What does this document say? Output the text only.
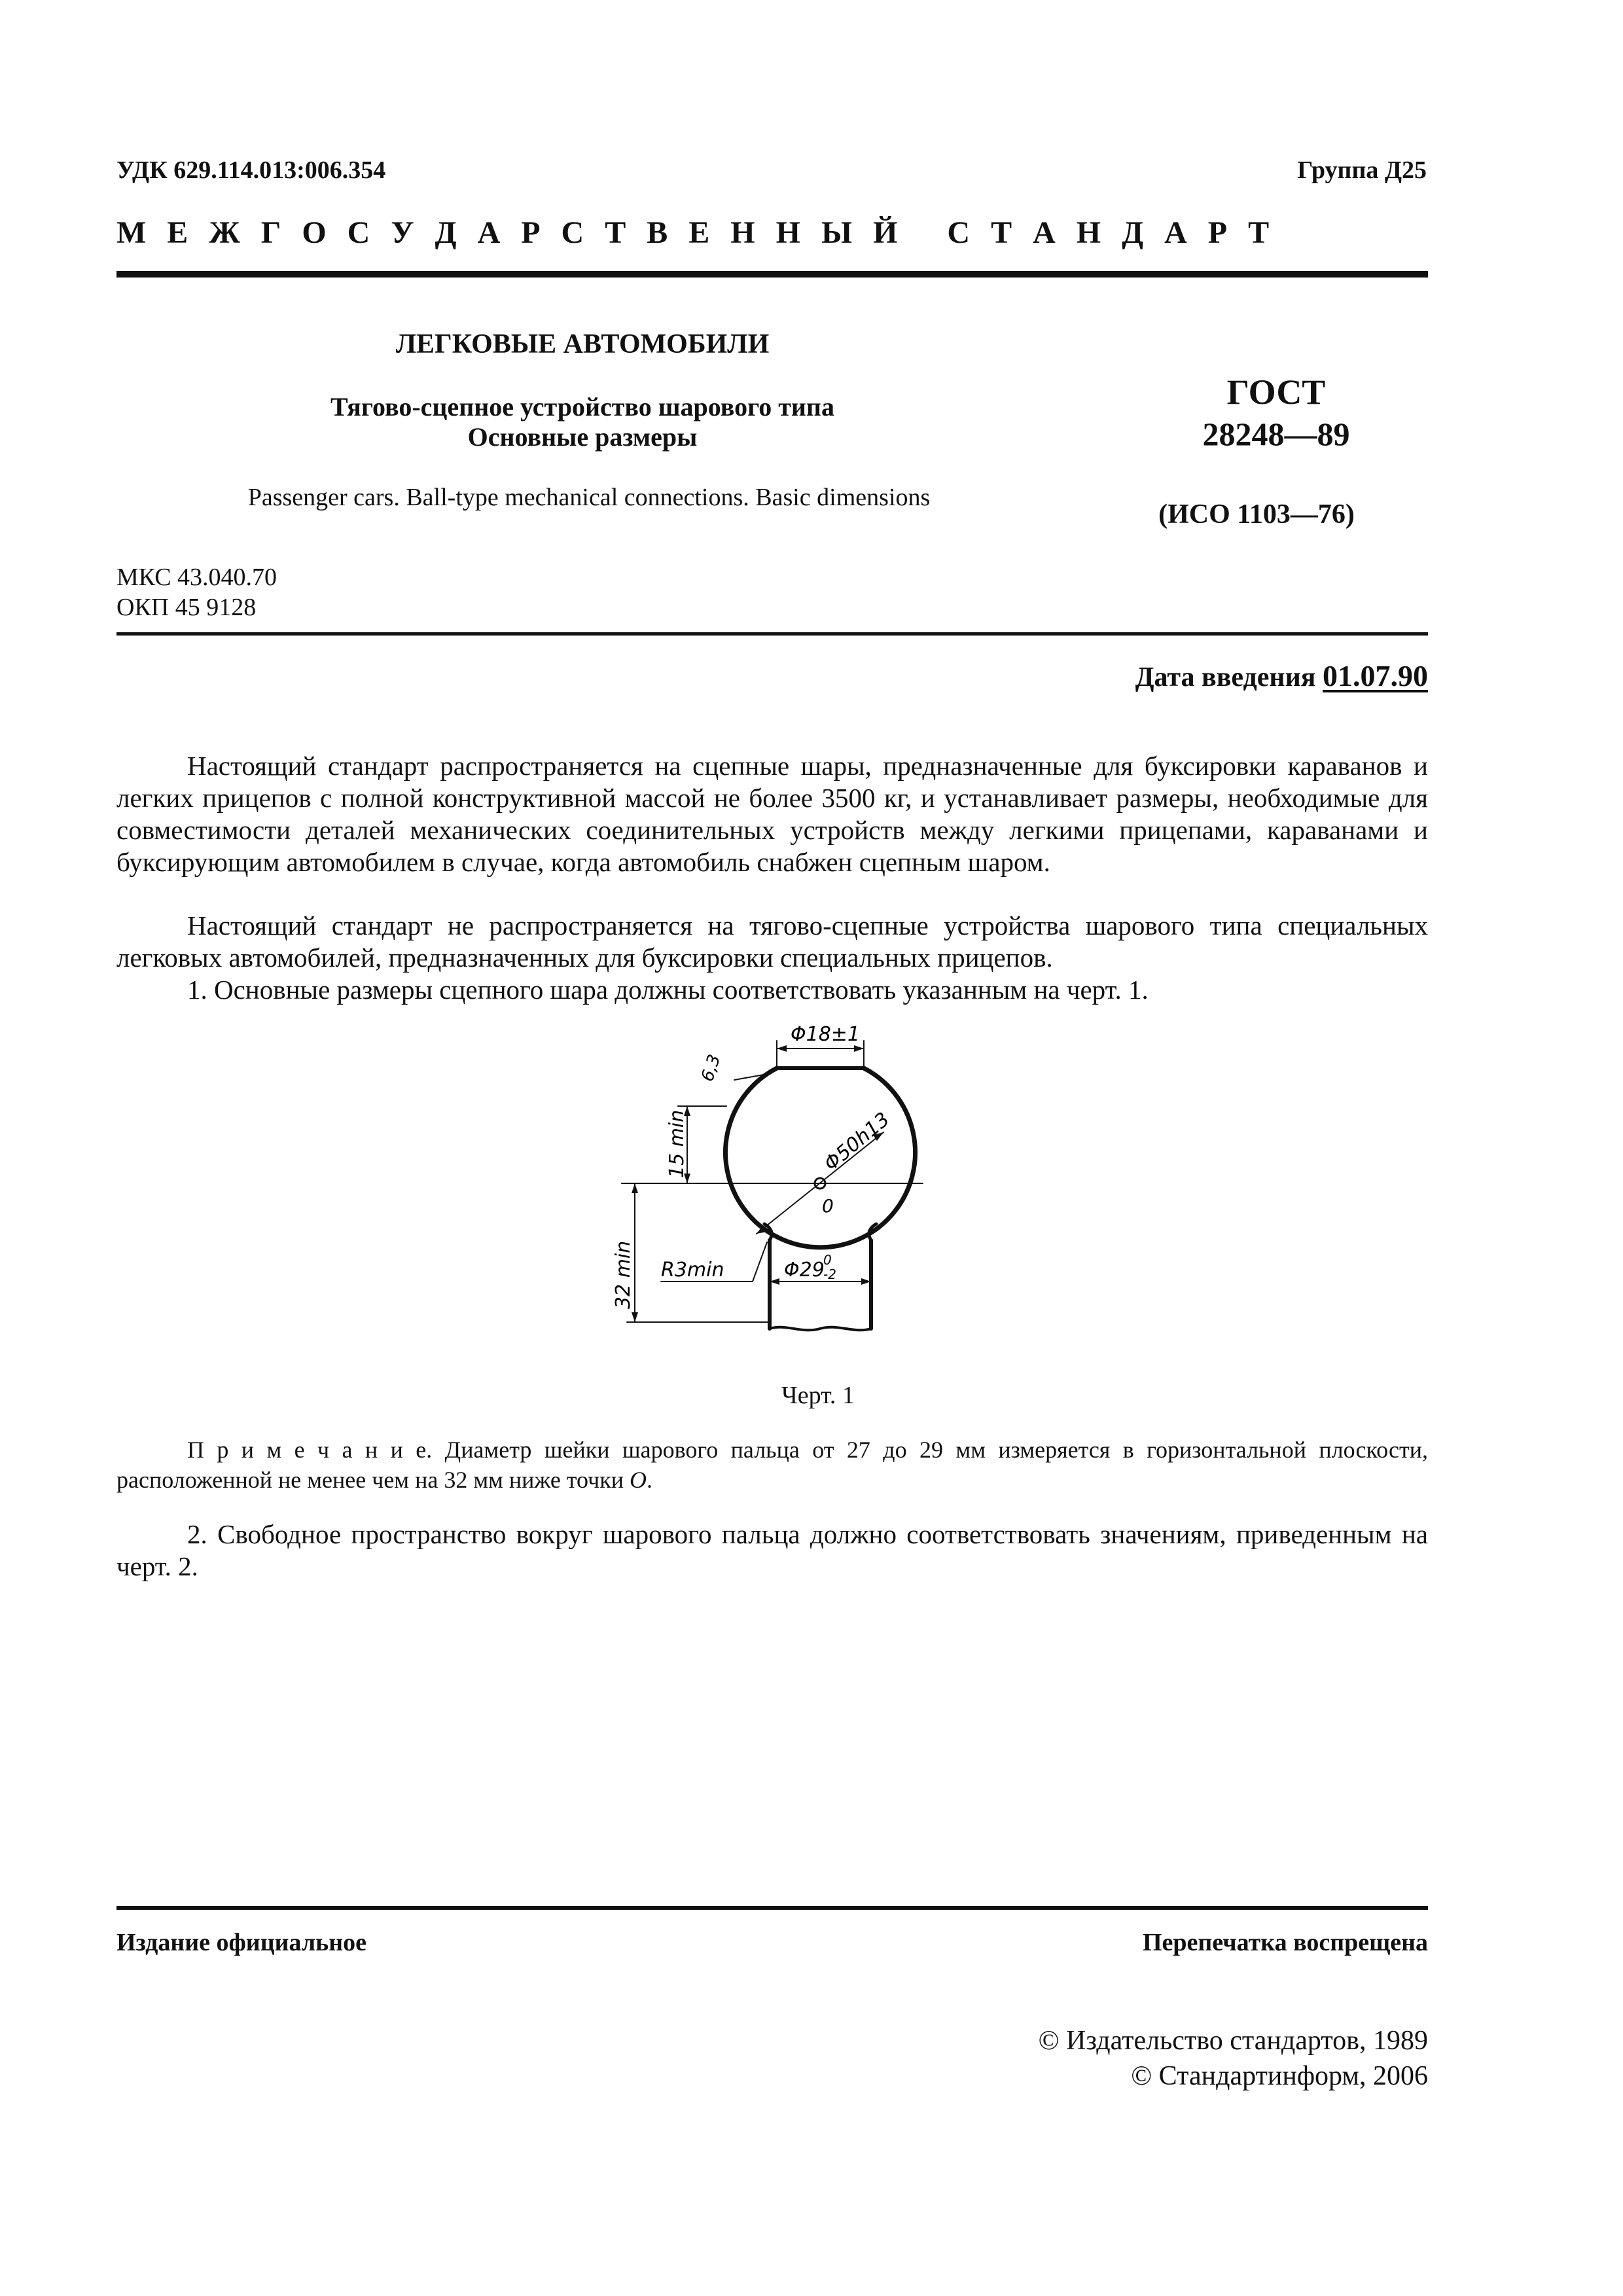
УДК 629.114.013:006.354	Группа Д25
М Е Ж Г О С У Д А Р С Т В Е Н Н Ы Й   С Т А Н Д А Р Т
ЛЕГКОВЫЕ АВТОМОБИЛИ
Тягово-сцепное устройство шарового типа
Основные размеры
Passenger cars. Ball-type mechanical connections. Basic dimensions
ГОСТ
28248—89
(ИСО 1103—76)
МКС 43.040.70
ОКП 45 9128
Дата введения 01.07.90
Настоящий стандарт распространяется на сцепные шары, предназначенные для буксировки караванов и легких прицепов с полной конструктивной массой не более 3500 кг, и устанавливает размеры, необходимые для совместимости деталей механических соединительных устройств между легкими прицепами, караванами и буксирующим автомобилем в случае, когда автомобиль снабжен сцепным шаром.
Настоящий стандарт не распространяется на тягово-сцепные устройства шарового типа специальных легковых автомобилей, предназначенных для буксировки специальных прицепов.
1. Основные размеры сцепного шара должны соответствовать указанным на черт. 1.
Φ18±1
Φ50h13
6,3
15 min
32 min R3min	Φ29
0
-2
0
Черт. 1
П р и м е ч а н и е. Диаметр шейки шарового пальца от 27 до 29 мм измеряется в горизонтальной плоскости, расположенной не менее чем на 32 мм ниже точки O.
2. Свободное пространство вокруг шарового пальца должно соответствовать значениям, приведенным на черт. 2.
Издание официальное	Перепечатка воспрещена
© Издательство стандартов, 1989
© Стандартинформ, 2006
